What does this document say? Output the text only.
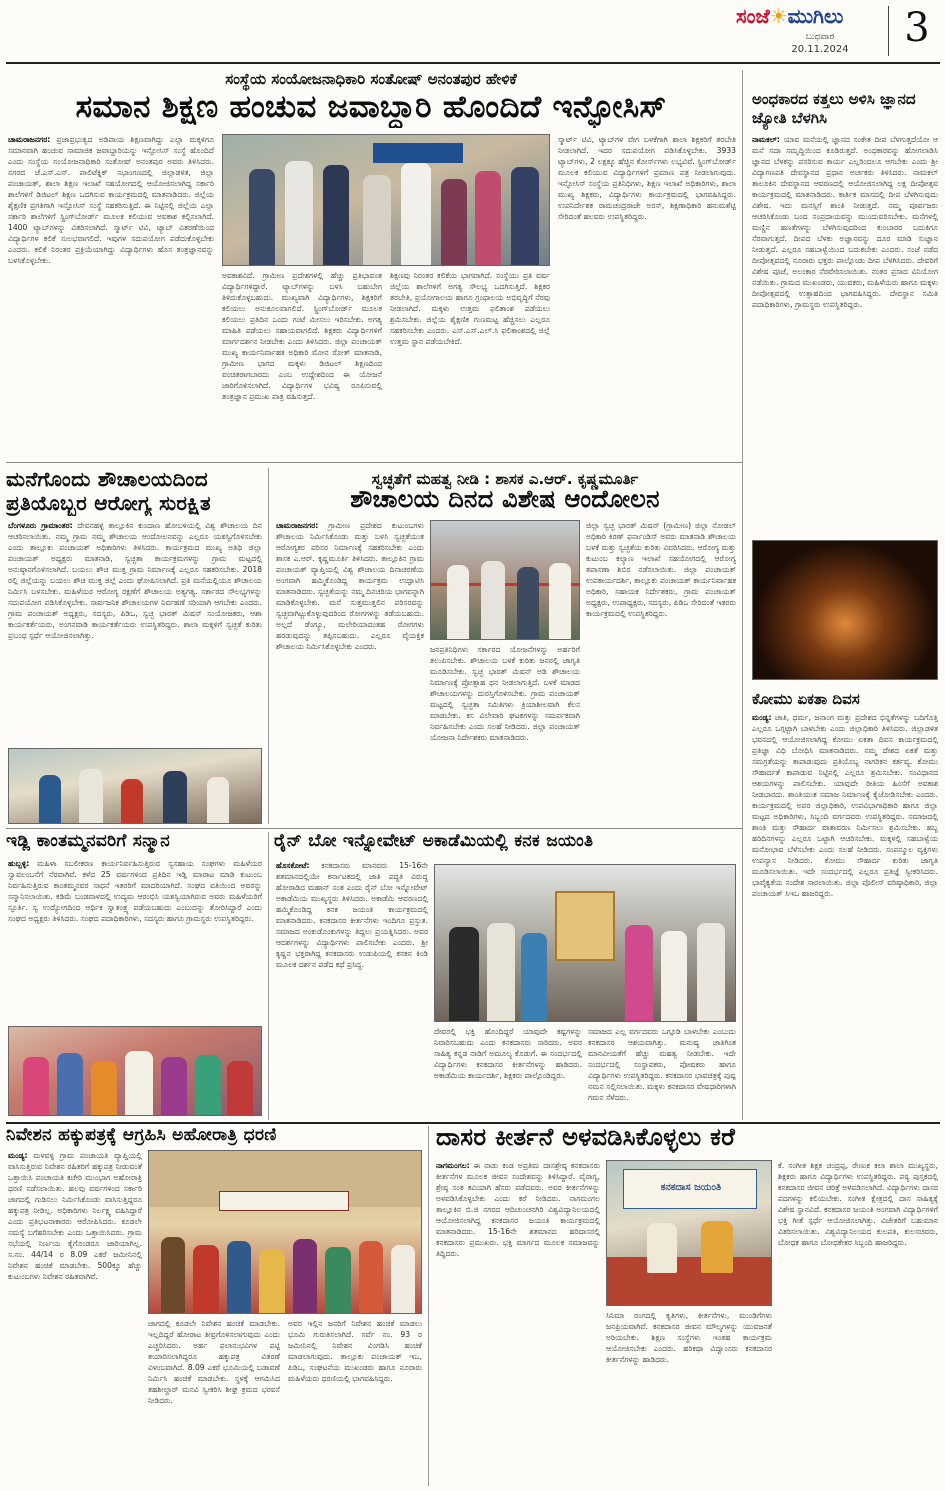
ಸಂಜೆ☀ಮುಗಿಲು
ಬುಧವಾರ
20.11.2024	3
ಸಂಸ್ಥೆಯ ಸಂಯೋಜನಾಧಿಕಾರಿ ಸಂತೋಷ್ ಅನಂತಪುರ ಹೇಳಿಕೆ
ಸಮಾನ ಶಿಕ್ಷಣ ಹಂಚುವ ಜವಾಬ್ದಾರಿ ಹೊಂದಿದೆ ಇನ್ಫೋಸಿಸ್
ಚಾಮರಾಜನಗರ: ಪ್ರಜಾಪ್ರಭುತ್ವದ ಅಡಿಪಾಯ ಶಿಕ್ಷಣವಾಗಿದ್ದು ಎಲ್ಲಾ ಮಕ್ಕಳಿಗೂ ಸಮಾನವಾಗಿ ಹಂಚುವ ಸಾಮಾಜಿಕ ಜವಾಬ್ದಾರಿಯನ್ನು ಇನ್ಫೋಸಿಸ್ ಸಂಸ್ಥೆ ಹೊಂದಿದೆ ಎಂದು ಸಂಸ್ಥೆಯ ಸಂಯೋಜನಾಧಿಕಾರಿ ಸಂತೋಷ್ ಅನಂತಪುರ ಅವರು ತಿಳಿಸಿದರು. ನಗರದ ಜೆ.ಎಸ್.ಎಸ್. ಪಾಲಿಟೆಕ್ನಿಕ್ ಸಭಾಂಗಣದಲ್ಲಿ ಜಿಲ್ಲಾಡಳಿತ, ಜಿಲ್ಲಾ ಪಂಚಾಯತ್, ಶಾಲಾ ಶಿಕ್ಷಣ ಇಲಾಖೆ ಸಹಯೋಗದಲ್ಲಿ ಆಯೋಜಿಸಲಾಗಿದ್ದ ಸರ್ಕಾರಿ ಶಾಲೆಗಳಿಗೆ ಡಿಜಿಟಲ್ ಶಿಕ್ಷಣ ಒದಗಿಸುವ ಕಾರ್ಯಕ್ರಮದಲ್ಲಿ ಮಾತನಾಡಿದರು. ಜಿಲ್ಲೆಯ ಶೈಕ್ಷಣಿಕ ಪ್ರಗತಿಗಾಗಿ ಇನ್ಫೋಸಿಸ್ ಸಂಸ್ಥೆ ಸಹಕರಿಸುತ್ತಿದೆ. ಈ ನಿಟ್ಟಿನಲ್ಲಿ ಜಿಲ್ಲೆಯ ಎಲ್ಲಾ ಸರ್ಕಾರಿ ಶಾಲೆಗಳಿಗೆ ಸ್ಪ್ರಿಂಗ್‌ಬೋರ್ಡ್ ಮೂಲಕ ಕಲಿಯುವ ಅವಕಾಶ ಕಲ್ಪಿಸಲಾಗಿದೆ. 1400 ಟ್ಯಾಬ್‌ಗಳನ್ನು ವಿತರಿಸಲಾಗಿದೆ. ಸ್ಮಾರ್ಟ್ ಟಿವಿ, ಟ್ಯಾಬ್ ವಿತರಣೆಯಿಂದ ವಿದ್ಯಾರ್ಥಿಗಳ ಕಲಿಕೆ ಸುಲಭವಾಗಲಿದೆ. ಇವುಗಳ ಸದುಪಯೋಗ ಪಡೆದುಕೊಳ್ಳಬೇಕು ಎಂದರು. ಕಲಿಕೆ ನಿರಂತರ ಪ್ರಕ್ರಿಯೆಯಾಗಿದ್ದು ವಿದ್ಯಾರ್ಥಿಗಳು ಹೊಸ ತಂತ್ರಜ್ಞಾನವನ್ನು ಬಳಸಿಕೊಳ್ಳಬೇಕು.
ಅವಕಾಶವಿದೆ. ಗ್ರಾಮೀಣ ಪ್ರದೇಶಗಳಲ್ಲಿ ಹೆಚ್ಚು ಪ್ರತಿಭಾವಂತ ವಿದ್ಯಾರ್ಥಿಗಳಿದ್ದಾರೆ. ಟ್ಯಾಬ್‌ಗಳನ್ನು ಬಳಸಿ ಬಹುಬೇಗ ತಿಳಿದುಕೊಳ್ಳಬಹುದು. ಮುಖ್ಯವಾಗಿ ವಿದ್ಯಾರ್ಥಿಗಳು, ಶಿಕ್ಷಕರಿಗೆ ಕಲಿಯಲು ಅನುಕೂಲವಾಗಲಿದೆ. ಸ್ಪ್ರಿಂಗ್‌ಬೋರ್ಡ್ ಮೂಲಕ ಕಲಿಯಲು ಪ್ರತಿದಿನ ಒಂದು ಗಂಟೆ ಮೀಸಲು ಇರಿಸಬೇಕು. ಅಗತ್ಯ ಮಾಹಿತಿ ಪಡೆಯಲು ಸಹಾಯವಾಗಲಿದೆ. ಶಿಕ್ಷಕರು ವಿದ್ಯಾರ್ಥಿಗಳಿಗೆ ಮಾರ್ಗದರ್ಶನ ನೀಡಬೇಕು ಎಂದು ತಿಳಿಸಿದರು. ಜಿಲ್ಲಾ ಪಂಚಾಯತ್ ಮುಖ್ಯ ಕಾರ್ಯನಿರ್ವಾಹಕ ಅಧಿಕಾರಿ ಮೋನ ರೋತ್ ಮಾತನಾಡಿ, ಗ್ರಾಮೀಣ ಭಾಗದ ಮಕ್ಕಳು ಡಿಜಿಟಲ್ ಶಿಕ್ಷಣದಿಂದ ವಂಚಿತರಾಗಬಾರದು ಎಂಬ ಉದ್ದೇಶದಿಂದ ಈ ಯೋಜನೆ ಜಾರಿಗೊಳಿಸಲಾಗಿದೆ. ವಿದ್ಯಾರ್ಥಿಗಳ ಭವಿಷ್ಯ ರೂಪಿಸುವಲ್ಲಿ ತಂತ್ರಜ್ಞಾನ ಪ್ರಮುಖ ಪಾತ್ರ ವಹಿಸುತ್ತದೆ.
ಶಿಕ್ಷಣವು ನಿರಂತರ ಕಲಿಕೆಯ ಭಾಗವಾಗಿದೆ. ಸಂಸ್ಥೆಯು ಪ್ರತಿ ವರ್ಷ ಜಿಲ್ಲೆಯ ಶಾಲೆಗಳಿಗೆ ಅಗತ್ಯ ಸೌಲಭ್ಯ ಒದಗಿಸುತ್ತಿದೆ. ಶಿಕ್ಷಕರ ತರಬೇತಿ, ಪ್ರಯೋಗಾಲಯ ಹಾಗೂ ಗ್ರಂಥಾಲಯ ಅಭಿವೃದ್ಧಿಗೆ ನೆರವು ನೀಡಲಾಗಿದೆ. ಮಕ್ಕಳು ಉತ್ತಮ ಫಲಿತಾಂಶ ಪಡೆಯಲು ಶ್ರಮಿಸಬೇಕು. ಜಿಲ್ಲೆಯ ಶೈಕ್ಷಣಿಕ ಗುಣಮಟ್ಟ ಹೆಚ್ಚಿಸಲು ಎಲ್ಲರೂ ಸಹಕರಿಸಬೇಕು ಎಂದರು. ಎಸ್.ಎಸ್.ಎಲ್.ಸಿ ಫಲಿತಾಂಶದಲ್ಲಿ ಜಿಲ್ಲೆ ಉತ್ತಮ ಸ್ಥಾನ ಪಡೆಯಬೇಕಿದೆ.
ಸ್ಮಾರ್ಟ್ ಟಿವಿ, ಟ್ಯಾಬ್‌ಗಳ ವೇಗ ಬಳಕೆಗಾಗಿ ಶಾಲಾ ಶಿಕ್ಷಕರಿಗೆ ತರಬೇತಿ ನೀಡಲಾಗಿದೆ. ಇದರ ಸದುಪಯೋಗ ಪಡಿಸಿಕೊಳ್ಳಬೇಕು. 3933 ಟ್ಯಾಬ್‌ಗಳು, 2 ಲಕ್ಷಕ್ಕೂ ಹೆಚ್ಚಿನ ಕೋರ್ಸ್‌ಗಳು ಲಭ್ಯವಿವೆ. ಸ್ಪ್ರಿಂಗ್‌ಬೋರ್ಡ್ ಮೂಲಕ ಕಲಿಯುವ ವಿದ್ಯಾರ್ಥಿಗಳಿಗೆ ಪ್ರಮಾಣ ಪತ್ರ ನೀಡಲಾಗುವುದು. ಇನ್ಫೋಸಿಸ್ ಸಂಸ್ಥೆಯ ಪ್ರತಿನಿಧಿಗಳು, ಶಿಕ್ಷಣ ಇಲಾಖೆ ಅಧಿಕಾರಿಗಳು, ಶಾಲಾ ಮುಖ್ಯ ಶಿಕ್ಷಕರು, ವಿದ್ಯಾರ್ಥಿಗಳು ಕಾರ್ಯಕ್ರಮದಲ್ಲಿ ಭಾಗವಹಿಸಿದ್ದರು. ಉಪನಿರ್ದೇಶಕ ರಾಮಚಂದ್ರರಾಜೇ ಅರಸ್, ಶಿಕ್ಷಣಾಧಿಕಾರಿ ಹನುಮಶೆಟ್ಟಿ ಸೇರಿದಂತೆ ಹಲವರು ಉಪಸ್ಥಿತರಿದ್ದರು.
ಅಂಧಕಾರದ ಕತ್ತಲು ಅಳಿಸಿ ಜ್ಞಾನದ ಜ್ಯೋತಿ ಬೆಳಗಿಸಿ
ನಾಮಕಲ್: ಯಾವ ಮನೆಯಲ್ಲಿ ಜ್ಞಾನದ ಸಂಕೇತ ದೀಪ ಬೆಳಗುತ್ತದೆಯೋ ಆ ಮನೆ ಸದಾ ಸಮೃದ್ಧಿಯಿಂದ ಕೂಡಿರುತ್ತದೆ. ಅಂಧಕಾರವನ್ನು ಹೋಗಲಾಡಿಸಿ ಜ್ಞಾನದ ಬೆಳಕನ್ನು ಪಸರಿಸುವ ಕಾರ್ಯ ಎಲ್ಲರಿಂದಲೂ ಆಗಬೇಕು ಎಂದು ಶ್ರೀ ವಿದ್ಯಾಗಣಪತಿ ದೇವಸ್ಥಾನದ ಪ್ರಧಾನ ಅರ್ಚಕರು ತಿಳಿಸಿದರು. ನಾಮಕಲ್ ತಾಲೂಕಿನ ದೇವಸ್ಥಾನದ ಆವರಣದಲ್ಲಿ ಆಯೋಜಿಸಲಾಗಿದ್ದ ಲಕ್ಷ ದೀಪೋತ್ಸವ ಕಾರ್ಯಕ್ರಮದಲ್ಲಿ ಮಾತನಾಡಿದರು. ಕಾರ್ತಿಕ ಮಾಸದಲ್ಲಿ ದೀಪ ಬೆಳಗಿಸುವುದು ವಿಶೇಷ. ಇದು ಮನಸ್ಸಿಗೆ ಶಾಂತಿ ನೀಡುತ್ತದೆ. ನಮ್ಮ ಪೂರ್ವಜರು ಆಚರಿಸಿಕೊಂಡು ಬಂದ ಸಂಪ್ರದಾಯವನ್ನು ಮುಂದುವರಿಸಬೇಕು. ಮನೆಗಳಲ್ಲಿ ಮಣ್ಣಿನ ಹಣತೆಗಳನ್ನು ಬೆಳಗಿಸುವುದರಿಂದ ಕುಂಬಾರರ ಬದುಕಿಗೂ ನೆರವಾಗುತ್ತದೆ. ದೀಪದ ಬೆಳಕು ಅಜ್ಞಾನವನ್ನು ದೂರ ಮಾಡಿ ಸುಜ್ಞಾನ ನೀಡುತ್ತದೆ. ಎಲ್ಲರೂ ಸಹಬಾಳ್ವೆಯಿಂದ ಬದುಕಬೇಕು ಎಂದರು. ಸಂಜೆ ನಡೆದ ದೀಪೋತ್ಸವದಲ್ಲಿ ನೂರಾರು ಭಕ್ತರು ಪಾಲ್ಗೊಂಡು ದೀಪ ಬೆಳಗಿಸಿದರು. ದೇವರಿಗೆ ವಿಶೇಷ ಪೂಜೆ, ಅಲಂಕಾರ ನೆರವೇರಿಸಲಾಯಿತು. ನಂತರ ಪ್ರಸಾದ ವಿನಿಯೋಗ ನಡೆಯಿತು. ಗ್ರಾಮದ ಮುಖಂಡರು, ಯುವಕರು, ಮಹಿಳೆಯರು ಹಾಗೂ ಮಕ್ಕಳು ದೀಪೋತ್ಸವದಲ್ಲಿ ಉತ್ಸಾಹದಿಂದ ಭಾಗವಹಿಸಿದ್ದರು. ದೇವಸ್ಥಾನ ಸಮಿತಿ ಪದಾಧಿಕಾರಿಗಳು, ಗ್ರಾಮಸ್ಥರು ಉಪಸ್ಥಿತರಿದ್ದರು.
ಕೋಮು ಏಕತಾ ದಿವಸ
ಮಂಡ್ಯ: ಜಾತಿ, ಧರ್ಮ, ಜನಾಂಗ ಮತ್ತು ಪ್ರದೇಶದ ಭಿನ್ನತೆಗಳನ್ನು ಬದಿಗೊತ್ತಿ ಎಲ್ಲರೂ ಒಗ್ಗಟ್ಟಾಗಿ ಬಾಳಬೇಕು ಎಂದು ಜಿಲ್ಲಾಧಿಕಾರಿ ತಿಳಿಸಿದರು. ಜಿಲ್ಲಾಡಳಿತ ಭವನದಲ್ಲಿ ಆಯೋಜಿಸಲಾಗಿದ್ದ ಕೋಮು ಏಕತಾ ದಿವಸ ಕಾರ್ಯಕ್ರಮದಲ್ಲಿ ಪ್ರತಿಜ್ಞಾ ವಿಧಿ ಬೋಧಿಸಿ ಮಾತನಾಡಿದರು. ನಮ್ಮ ದೇಶದ ಏಕತೆ ಮತ್ತು ಸಮಗ್ರತೆಯನ್ನು ಕಾಪಾಡುವುದು ಪ್ರತಿಯೊಬ್ಬ ನಾಗರಿಕನ ಕರ್ತವ್ಯ. ಕೋಮು ಸೌಹಾರ್ದತೆ ಕಾಪಾಡುವ ನಿಟ್ಟಿನಲ್ಲಿ ಎಲ್ಲರೂ ಶ್ರಮಿಸಬೇಕು. ಸಂವಿಧಾನದ ಆಶಯಗಳನ್ನು ಪಾಲಿಸಬೇಕು. ಯಾವುದೇ ರೀತಿಯ ಹಿಂಸೆಗೆ ಅವಕಾಶ ನೀಡಬಾರದು. ಶಾಂತಿಯುತ ಸಮಾಜ ನಿರ್ಮಾಣಕ್ಕೆ ಕೈಜೋಡಿಸಬೇಕು ಎಂದರು. ಕಾರ್ಯಕ್ರಮದಲ್ಲಿ ಅಪರ ಜಿಲ್ಲಾಧಿಕಾರಿ, ಉಪವಿಭಾಗಾಧಿಕಾರಿ ಹಾಗೂ ಜಿಲ್ಲಾ ಮಟ್ಟದ ಅಧಿಕಾರಿಗಳು, ಸಿಬ್ಬಂದಿ ವರ್ಗದವರು ಉಪಸ್ಥಿತರಿದ್ದರು. ಸಮಾಜದಲ್ಲಿ ಶಾಂತಿ ಮತ್ತು ಸೌಹಾರ್ದ ವಾತಾವರಣ ನಿರ್ಮಿಸಲು ಶ್ರಮಿಸಬೇಕು. ಹಬ್ಬ ಹರಿದಿನಗಳನ್ನು ಎಲ್ಲರೂ ಒಟ್ಟಾಗಿ ಆಚರಿಸಬೇಕು. ಮಕ್ಕಳಲ್ಲಿ ಸಹಬಾಳ್ವೆಯ ಮನೋಭಾವ ಬೆಳೆಸಬೇಕು ಎಂದು ಸಲಹೆ ನೀಡಿದರು. ಸಂಪನ್ಮೂಲ ವ್ಯಕ್ತಿಗಳು ಉಪನ್ಯಾಸ ನೀಡಿದರು. ಕೋಮು ಸೌಹಾರ್ದ ಕುರಿತು ಜಾಗೃತಿ ಮೂಡಿಸಲಾಯಿತು. ಇದೇ ಸಂದರ್ಭದಲ್ಲಿ ಎಲ್ಲರೂ ಪ್ರತಿಜ್ಞೆ ಸ್ವೀಕರಿಸಿದರು. ಭಾವೈಕ್ಯತೆಯ ಸಂದೇಶ ಸಾರಲಾಯಿತು. ಜಿಲ್ಲಾ ಪೊಲೀಸ್ ವರಿಷ್ಠಾಧಿಕಾರಿ, ಜಿಲ್ಲಾ ಪಂಚಾಯತ್ ಸಿಇಒ ಹಾಜರಿದ್ದರು.
ಮನೆಗೊಂದು ಶೌಚಾಲಯದಿಂದ
ಪ್ರತಿಯೊಬ್ಬರ ಆರೋಗ್ಯ ಸುರಕ್ಷಿತ
ಬೆಂಗಳೂರು ಗ್ರಾಮಾಂತರ: ದೇವನಹಳ್ಳಿ ತಾಲ್ಲೂಕಿನ ಕುಂದಾಣ ಹೋಬಳಿಯಲ್ಲಿ ವಿಶ್ವ ಶೌಚಾಲಯ ದಿನ ಆಚರಿಸಲಾಯಿತು. ನಮ್ಮ ಗ್ರಾಮ ನಮ್ಮ ಶೌಚಾಲಯ ಆಂದೋಲನವನ್ನು ಎಲ್ಲರೂ ಯಶಸ್ವಿಗೊಳಿಸಬೇಕು ಎಂದು ತಾಲ್ಲೂಕು ಪಂಚಾಯತ್ ಅಧಿಕಾರಿಗಳು ತಿಳಿಸಿದರು. ಕಾರ್ಯಕ್ರಮದ ಮುಖ್ಯ ಅತಿಥಿ ಜಿಲ್ಲಾ ಪಂಚಾಯತ್ ಅಧ್ಯಕ್ಷರು ಮಾತನಾಡಿ, ಸ್ವಚ್ಛತಾ ಕಾರ್ಯಕ್ರಮಗಳನ್ನು ಗ್ರಾಮ ಮಟ್ಟದಲ್ಲಿ ಅನುಷ್ಠಾನಗೊಳಿಸಲಾಗಿದೆ. ಬಯಲು ಶೌಚ ಮುಕ್ತ ಗ್ರಾಮ ನಿರ್ಮಾಣಕ್ಕೆ ಎಲ್ಲರೂ ಸಹಕರಿಸಬೇಕು. 2018 ರಲ್ಲಿ ಜಿಲ್ಲೆಯನ್ನು ಬಯಲು ಶೌಚ ಮುಕ್ತ ಜಿಲ್ಲೆ ಎಂದು ಘೋಷಿಸಲಾಗಿದೆ. ಪ್ರತಿ ಮನೆಯಲ್ಲಿಯೂ ಶೌಚಾಲಯ ನಿರ್ಮಿಸಿ ಬಳಸಬೇಕು. ಮಹಿಳೆಯರ ಆರೋಗ್ಯ ರಕ್ಷಣೆಗೆ ಶೌಚಾಲಯ ಅತ್ಯಗತ್ಯ. ಸರ್ಕಾರದ ಸೌಲಭ್ಯಗಳನ್ನು ಸದುಪಯೋಗ ಪಡಿಸಿಕೊಳ್ಳಬೇಕು. ಸಾರ್ವಜನಿಕ ಶೌಚಾಲಯಗಳ ನಿರ್ವಹಣೆ ಸರಿಯಾಗಿ ಆಗಬೇಕು ಎಂದರು. ಗ್ರಾಮ ಪಂಚಾಯತ್ ಅಧ್ಯಕ್ಷರು, ಸದಸ್ಯರು, ಪಿಡಿಒ, ಸ್ವಚ್ಛ ಭಾರತ್ ಮಿಷನ್ ಸಂಯೋಜಕರು, ಆಶಾ ಕಾರ್ಯಕರ್ತೆಯರು, ಅಂಗನವಾಡಿ ಕಾರ್ಯಕರ್ತೆಯರು ಉಪಸ್ಥಿತರಿದ್ದರು. ಶಾಲಾ ಮಕ್ಕಳಿಗೆ ಸ್ವಚ್ಛತೆ ಕುರಿತು ಪ್ರಬಂಧ ಸ್ಪರ್ಧೆ ಆಯೋಜಿಸಲಾಗಿತ್ತು.
ಸ್ವಚ್ಛತೆಗೆ ಮಹತ್ವ ನೀಡಿ : ಶಾಸಕ ಎ.ಆರ್. ಕೃಷ್ಣಮೂರ್ತಿ
ಶೌಚಾಲಯ ದಿನದ ವಿಶೇಷ ಆಂದೋಲನ
ಚಾಮರಾಜನಗರ: ಗ್ರಾಮೀಣ ಪ್ರದೇಶದ ಕುಟುಂಬಗಳು ಶೌಚಾಲಯ ನಿರ್ಮಿಸಿಕೊಂಡು ಮತ್ತು ಬಳಸಿ ಸ್ವಚ್ಛತೆಯುತ ಆರೋಗ್ಯಕರ ಪರಿಸರ ನಿರ್ಮಾಣಕ್ಕೆ ಸಹಕರಿಸಬೇಕು ಎಂದು ಶಾಸಕ ಎ.ಆರ್. ಕೃಷ್ಣಮೂರ್ತಿ ತಿಳಿಸಿದರು. ತಾಲ್ಲೂಕಿನ ಗ್ರಾಮ ಪಂಚಾಯತ್ ವ್ಯಾಪ್ತಿಯಲ್ಲಿ ವಿಶ್ವ ಶೌಚಾಲಯ ದಿನಾಚರಣೆಯ ಅಂಗವಾಗಿ ಹಮ್ಮಿಕೊಂಡಿದ್ದ ಕಾರ್ಯಕ್ರಮ ಉದ್ಘಾಟಿಸಿ ಮಾತನಾಡಿದರು. ಸ್ವಚ್ಛತೆಯನ್ನು ನಮ್ಮ ದಿನಚರಿಯ ಭಾಗವನ್ನಾಗಿ ಮಾಡಿಕೊಳ್ಳಬೇಕು. ಮನೆ ಸುತ್ತಮುತ್ತಲಿನ ಪರಿಸರವನ್ನು ಸ್ವಚ್ಛವಾಗಿಟ್ಟುಕೊಳ್ಳುವುದರಿಂದ ರೋಗಗಳನ್ನು ತಡೆಯಬಹುದು. ಅಲ್ಲದೆ ಡೆಂಗ್ಯೂ, ಮಲೇರಿಯಾದಂತಹ ರೋಗಗಳು ಹರಡುವುದನ್ನು ತಪ್ಪಿಸಬಹುದು. ಎಲ್ಲರೂ ವೈಯಕ್ತಿಕ ಶೌಚಾಲಯ ನಿರ್ಮಿಸಿಕೊಳ್ಳಬೇಕು ಎಂದರು.	ಜನಪ್ರತಿನಿಧಿಗಳು ಸರ್ಕಾರದ ಯೋಜನೆಗಳನ್ನು ಅರ್ಹರಿಗೆ ತಲುಪಿಸಬೇಕು. ಶೌಚಾಲಯ ಬಳಕೆ ಕುರಿತು ಜನರಲ್ಲಿ ಜಾಗೃತಿ ಮೂಡಿಸಬೇಕು. ಸ್ವಚ್ಛ ಭಾರತ್ ಮಿಷನ್ ಅಡಿ ಶೌಚಾಲಯ ನಿರ್ಮಾಣಕ್ಕೆ ಪ್ರೋತ್ಸಾಹ ಧನ ನೀಡಲಾಗುತ್ತಿದೆ. ಬಳಕೆ ಮಾಡದ ಶೌಚಾಲಯಗಳನ್ನು ದುರಸ್ತಿಗೊಳಿಸಬೇಕು. ಗ್ರಾಮ ಪಂಚಾಯತ್ ಮಟ್ಟದಲ್ಲಿ ಸ್ವಚ್ಛತಾ ಸಮಿತಿಗಳು ಕ್ರಿಯಾಶೀಲವಾಗಿ ಕೆಲಸ ಮಾಡಬೇಕು. ಕಸ ವಿಲೇವಾರಿ ಘಟಕಗಳನ್ನು ಸಮರ್ಪಕವಾಗಿ ನಿರ್ವಹಿಸಬೇಕು ಎಂದು ಸಲಹೆ ನೀಡಿದರು. ಜಿಲ್ಲಾ ಪಂಚಾಯತ್ ಯೋಜನಾ ನಿರ್ದೇಶಕರು ಮಾತನಾಡಿದರು.
ಜಿಲ್ಲಾ ಸ್ವಚ್ಛ ಭಾರತ್ ಮಿಷನ್ (ಗ್ರಾಮೀಣ) ಜಿಲ್ಲಾ ನೋಡಲ್ ಅಧಿಕಾರಿ ಕಿರಣ್ ಫರ್ನಾಂಡಿಸ್ ಅವರು ಮಾತನಾಡಿ ಶೌಚಾಲಯ ಬಳಕೆ ಮತ್ತು ಸ್ವಚ್ಛತೆಯ ಕುರಿತು ವಿವರಿಸಿದರು. ಆರೋಗ್ಯ ಮತ್ತು ಕುಟುಂಬ ಕಲ್ಯಾಣ ಇಲಾಖೆ ಸಹಯೋಗದಲ್ಲಿ ಆರೋಗ್ಯ ತಪಾಸಣಾ ಶಿಬಿರ ನಡೆಸಲಾಯಿತು. ಜಿಲ್ಲಾ ಪಂಚಾಯತ್ ಉಪಕಾರ್ಯದರ್ಶಿ, ತಾಲ್ಲೂಕು ಪಂಚಾಯತ್ ಕಾರ್ಯನಿರ್ವಾಹಕ ಅಧಿಕಾರಿ, ಸಹಾಯಕ ನಿರ್ದೇಶಕರು, ಗ್ರಾಮ ಪಂಚಾಯತ್ ಅಧ್ಯಕ್ಷರು, ಉಪಾಧ್ಯಕ್ಷರು, ಸದಸ್ಯರು, ಪಿಡಿಒ ಸೇರಿದಂತೆ ಇತರರು ಕಾರ್ಯಕ್ರಮದಲ್ಲಿ ಉಪಸ್ಥಿತರಿದ್ದರು.
ಇಡ್ಲಿ ಕಾಂತಮ್ಮನವರಿಗೆ ಸನ್ಮಾನ
ಹುಬ್ಬಳ್ಳಿ: ಮಹಿಳಾ ಸಬಲೀಕರಣ ಕಾರ್ಯನಿರ್ವಹಿಸುತ್ತಿರುವ ಸ್ವಸಹಾಯ ಸಂಘಗಳು ಮಹಿಳೆಯರ ಸ್ವಾವಲಂಬನೆಗೆ ನೆರವಾಗಿವೆ. ಕಳೆದ 25 ವರ್ಷಗಳಿಂದ ಪ್ರತಿದಿನ ಇಡ್ಲಿ ಮಾರಾಟ ಮಾಡಿ ಕುಟುಂಬ ನಿರ್ವಹಿಸುತ್ತಿರುವ ಕಾಂತಮ್ಮನವರ ಸಾಧನೆ ಇತರರಿಗೆ ಮಾದರಿಯಾಗಿದೆ. ಸಂಘದ ವತಿಯಿಂದ ಅವರನ್ನು ಸನ್ಮಾನಿಸಲಾಯಿತು. ಕಡಿಮೆ ಬಂಡವಾಳದಲ್ಲಿ ಉದ್ಯಮ ಆರಂಭಿಸಿ ಯಶಸ್ವಿಯಾಗಿರುವ ಅವರು ಮಹಿಳೆಯರಿಗೆ ಸ್ಫೂರ್ತಿ. ಸ್ವ ಉದ್ಯೋಗದಿಂದ ಆರ್ಥಿಕ ಸ್ವಾತಂತ್ರ್ಯ ಪಡೆಯಬಹುದು ಎಂಬುದನ್ನು ತೋರಿಸಿದ್ದಾರೆ ಎಂದು ಸಂಘದ ಅಧ್ಯಕ್ಷರು ತಿಳಿಸಿದರು. ಸಂಘದ ಪದಾಧಿಕಾರಿಗಳು, ಸದಸ್ಯರು ಹಾಗೂ ಗ್ರಾಮಸ್ಥರು ಉಪಸ್ಥಿತರಿದ್ದರು.
ರೈನ್ ಬೋ ಇನ್ನೋವೇಟ್ ಅಕಾಡೆಮಿಯಲ್ಲಿ ಕನಕ ಜಯಂತಿ
ಹೊಸಕೋಟೆ: ಕನಕದಾಸರು ಮಾನವರು 15-16ನೇ ಶತಮಾನದಲ್ಲಿಯೇ ಕರ್ನಾಟಕದಲ್ಲಿ ಜಾತಿ ಪದ್ಧತಿ ವಿರುದ್ಧ ಹೋರಾಡಿದ ಮಹಾನ್ ಸಂತ ಎಂದು ರೈನ್ ಬೋ ಇನ್ನೋವೇಟ್ ಅಕಾಡೆಮಿಯ ಮುಖ್ಯಸ್ಥರು ತಿಳಿಸಿದರು. ಅಕಾಡೆಮಿ ಆವರಣದಲ್ಲಿ ಹಮ್ಮಿಕೊಂಡಿದ್ದ ಕನಕ ಜಯಂತಿ ಕಾರ್ಯಕ್ರಮದಲ್ಲಿ ಮಾತನಾಡಿದರು. ಕನಕದಾಸರ ಕೀರ್ತನೆಗಳು ಇಂದಿಗೂ ಪ್ರಸ್ತುತ. ಸಮಾಜದ ಅಂಕುಡೊಂಕುಗಳನ್ನು ತಿದ್ದಲು ಪ್ರಯತ್ನಿಸಿದರು. ಅವರ ಆದರ್ಶಗಳನ್ನು ವಿದ್ಯಾರ್ಥಿಗಳು ಪಾಲಿಸಬೇಕು ಎಂದರು. ಶ್ರೀ ಕೃಷ್ಣನ ಭಕ್ತರಾಗಿದ್ದ ಕನಕದಾಸರು ಉಡುಪಿಯಲ್ಲಿ ಕನಕನ ಕಿಂಡಿ ಮೂಲಕ ದರ್ಶನ ಪಡೆದ ಕಥೆ ಪ್ರಸಿದ್ಧ.
ದೇವರಲ್ಲಿ ಭಕ್ತಿ ಹೊಂದಿದ್ದರೆ ಯಾವುದೇ ಕಷ್ಟಗಳನ್ನು ನಿವಾರಿಸಬಹುದು ಎಂದು ಕನಕದಾಸರು ಸಾರಿದರು. ಅವರ ಸಾಹಿತ್ಯ ಕನ್ನಡ ನಾಡಿಗೆ ಅಮೂಲ್ಯ ಕೊಡುಗೆ. ಈ ಸಂದರ್ಭದಲ್ಲಿ ವಿದ್ಯಾರ್ಥಿಗಳು ಕನಕದಾಸರ ಕೀರ್ತನೆಗಳನ್ನು ಹಾಡಿದರು. ಅಕಾಡೆಮಿಯ ಕಾರ್ಯದರ್ಶಿ, ಶಿಕ್ಷಕರು ಪಾಲ್ಗೊಂಡಿದ್ದರು.
ಸಮಾಜದ ಎಲ್ಲ ವರ್ಗದವರು ಒಗ್ಗೂಡಿ ಬಾಳಬೇಕು ಎಂಬುದು ಕನಕದಾಸರ ಆಶಯವಾಗಿತ್ತು. ಮನುಷ್ಯ ಜಾತಿಗಿಂತ ಮಾನವೀಯತೆಗೆ ಹೆಚ್ಚು ಮಹತ್ವ ನೀಡಬೇಕು. ಇದೇ ಸಂದರ್ಭದಲ್ಲಿ ಸಂಸ್ಥಾಪಕರು, ಪೋಷಕರು ಹಾಗೂ ವಿದ್ಯಾರ್ಥಿಗಳು ಉಪಸ್ಥಿತರಿದ್ದರು. ಕನಕದಾಸರ ಭಾವಚಿತ್ರಕ್ಕೆ ಪುಷ್ಪ ನಮನ ಸಲ್ಲಿಸಲಾಯಿತು. ಮಕ್ಕಳು ಕನಕದಾಸರ ವೇಷಧಾರಿಗಳಾಗಿ ಗಮನ ಸೆಳೆದರು.
ನಿವೇಶನ ಹಕ್ಕುಪತ್ರಕ್ಕೆ ಆಗ್ರಹಿಸಿ ಅಹೋರಾತ್ರಿ ಧರಣಿ
ಮಂಡ್ಯ: ಮಳವಳ್ಳಿ ಗ್ರಾಮ ಪಂಚಾಯತಿ ವ್ಯಾಪ್ತಿಯಲ್ಲಿ ವಾಸಿಸುತ್ತಿರುವ ನಿವೇಶನ ರಹಿತರಿಗೆ ಹಕ್ಕುಪತ್ರ ನೀಡುವಂತೆ ಒತ್ತಾಯಿಸಿ ಪಂಚಾಯತಿ ಕಚೇರಿ ಮುಂಭಾಗ ಅಹೋರಾತ್ರಿ ಧರಣಿ ನಡೆಸಲಾಯಿತು. ಹಲವು ವರ್ಷಗಳಿಂದ ಸರ್ಕಾರಿ ಜಾಗದಲ್ಲಿ ಗುಡಿಸಲು ನಿರ್ಮಿಸಿಕೊಂಡು ವಾಸಿಸುತ್ತಿದ್ದರೂ ಹಕ್ಕುಪತ್ರ ನೀಡಿಲ್ಲ. ಅಧಿಕಾರಿಗಳು ನಿರ್ಲಕ್ಷ್ಯ ವಹಿಸಿದ್ದಾರೆ ಎಂದು ಪ್ರತಿಭಟನಾಕಾರರು ಆರೋಪಿಸಿದರು. ಕೂಡಲೇ ಸಮಸ್ಯೆ ಬಗೆಹರಿಸಬೇಕು ಎಂದು ಒತ್ತಾಯಿಸಿದರು. ಗ್ರಾಮ ಸಭೆಯಲ್ಲಿ ನಿರ್ಣಯ ಕೈಗೊಂಡರೂ ಜಾರಿಯಾಗಿಲ್ಲ. ಸ.ನಂ. 44/14 ರ 8.09 ಎಕರೆ ಜಮೀನಿನಲ್ಲಿ ನಿವೇಶನ ಹಂಚಿಕೆ ಮಾಡಬೇಕು. 500ಕ್ಕೂ ಹೆಚ್ಚು ಕುಟುಂಬಗಳು ನಿವೇಶನ ರಹಿತವಾಗಿವೆ.
ಜಾಗದಲ್ಲಿ ಕೂಡಲೇ ನಿವೇಶನ ಹಂಚಿಕೆ ಮಾಡಬೇಕು. ಇಲ್ಲದಿದ್ದರೆ ಹೋರಾಟ ತೀವ್ರಗೊಳಿಸಲಾಗುವುದು ಎಂದು ಎಚ್ಚರಿಸಿದರು. ಅರ್ಹ ಫಲಾನುಭವಿಗಳ ಪಟ್ಟಿ ತಯಾರಿಸಲಾಗಿದ್ದರೂ ಹಕ್ಕುಪತ್ರ ವಿತರಣೆ ವಿಳಂಬವಾಗಿದೆ. 8.09 ಎಕರೆ ಭೂಮಿಯಲ್ಲಿ ಬಡಾವಣೆ ನಿರ್ಮಿಸಿ ಹಂಚಿಕೆ ಮಾಡಬೇಕು. ಸ್ಥಳಕ್ಕೆ ಆಗಮಿಸಿದ ತಹಶೀಲ್ದಾರ್ ಮನವಿ ಸ್ವೀಕರಿಸಿ ಶೀಘ್ರ ಕ್ರಮದ ಭರವಸೆ ನೀಡಿದರು.
ಅವರ ಇಲ್ಲಿನ ಜನರಿಗೆ ನಿವೇಶನ ಹಂಚಿಕೆ ಮಾಡಲು ಭೂಮಿ ಗುರುತಿಸಲಾಗಿದೆ. ಸರ್ವೆ ನಂ. 93 ರ ಜಮೀನಿನಲ್ಲಿ ನಿವೇಶನ ವಿಂಗಡಿಸಿ ಹಂಚಿಕೆ ಮಾಡಲಾಗುವುದು. ತಾಲ್ಲೂಕು ಪಂಚಾಯತ್ ಇಒ, ಪಿಡಿಒ, ಸಂಘಟನೆಯ ಮುಖಂಡರು ಹಾಗೂ ನೂರಾರು ಮಹಿಳೆಯರು ಧರಣಿಯಲ್ಲಿ ಭಾಗವಹಿಸಿದ್ದರು.
ದಾಸರ ಕೀರ್ತನೆ ಅಳವಡಿಸಿಕೊಳ್ಳಲು ಕರೆ
ನಾಗಮಂಗಲ: ಈ ನಾಡು ಕಂಡ ಅಪ್ರತಿಮ ದಾಸಶ್ರೇಷ್ಠ ಕನಕದಾಸರು ಕೀರ್ತನೆಗಳ ಮೂಲಕ ಜೀವನ ಸಂದೇಶವನ್ನು ತಿಳಿಸಿದ್ದಾರೆ. ವೈರಾಗ್ಯ, ಶ್ರೇಷ್ಠ ಸಂತ ಕವಿಯಾಗಿ ಹೆಸರು ಪಡೆದವರು. ಅವರ ಕೀರ್ತನೆಗಳನ್ನು ಅಳವಡಿಸಿಕೊಳ್ಳಬೇಕು ಎಂದು ಕರೆ ನೀಡಿದರು. ನಾಗಮಂಗಲ ತಾಲ್ಲೂಕಿನ ಬಿ.ಜಿ ನಗರದ ಆದಿಚುಂಚನಗಿರಿ ವಿಶ್ವವಿದ್ಯಾನಿಲಯದಲ್ಲಿ ಆಯೋಜಿಸಲಾಗಿದ್ದ ಕನಕದಾಸರ ಜಯಂತಿ ಕಾರ್ಯಕ್ರಮದಲ್ಲಿ ಮಾತನಾಡಿದರು. 15-16ನೇ ಶತಮಾನದ ಹರಿದಾಸರಲ್ಲಿ ಕನಕದಾಸರು ಪ್ರಮುಖರು. ಭಕ್ತಿ ಮಾರ್ಗದ ಮೂಲಕ ಸಮಾಜವನ್ನು ತಿದ್ದಿದರು.
ಕನಕದಾಸ ಜಯಂತಿ
ಸಿನಿಮಾ ರಂಗದಲ್ಲಿ ಕೃತಿಗಳು, ಕೀರ್ತನೆಗಳು, ಮುಂಡಿಗೆಗಳು ಜನಪ್ರಿಯವಾಗಿವೆ. ಕನಕದಾಸರ ಜೀವನ ಮೌಲ್ಯಗಳನ್ನು ಯುವಜನತೆ ಅರಿಯಬೇಕು. ಶಿಕ್ಷಣ ಸಂಸ್ಥೆಗಳು ಇಂತಹ ಕಾರ್ಯಕ್ರಮ ಆಯೋಜಿಸಬೇಕು ಎಂದರು. ಹರಿಕಥಾ ವಿದ್ವಾಂಸರು ಕನಕದಾಸರ ಕೀರ್ತನೆಗಳನ್ನು ಹಾಡಿದರು.
ಕೆ. ಸಂಗೀತ ಶಿಕ್ಷಕ ಚಂದ್ರಪ್ಪ, ರೇಣುಕ ಕಲಾ ಶಾಲಾ ಮುಖ್ಯಸ್ಥರು, ಶಿಕ್ಷಕರು ಹಾಗೂ ವಿದ್ಯಾರ್ಥಿಗಳು ಉಪಸ್ಥಿತರಿದ್ದರು. ಪಠ್ಯ ಪುಸ್ತಕದಲ್ಲಿ ಕನಕದಾಸರ ಜೀವನ ಚರಿತ್ರೆ ಅಳವಡಿಸಲಾಗಿದೆ. ವಿದ್ಯಾರ್ಥಿಗಳು ದಾಸರ ಪದಗಳನ್ನು ಕಲಿಯಬೇಕು. ಸಂಗೀತ ಕ್ಷೇತ್ರದಲ್ಲಿ ದಾಸ ಸಾಹಿತ್ಯಕ್ಕೆ ವಿಶೇಷ ಸ್ಥಾನವಿದೆ. ಕನಕದಾಸರ ಜಯಂತಿ ಅಂಗವಾಗಿ ವಿದ್ಯಾರ್ಥಿಗಳಿಗೆ ಭಕ್ತಿ ಗೀತೆ ಸ್ಪರ್ಧೆ ಆಯೋಜಿಸಲಾಗಿತ್ತು. ವಿಜೇತರಿಗೆ ಬಹುಮಾನ ವಿತರಿಸಲಾಯಿತು. ವಿಶ್ವವಿದ್ಯಾನಿಲಯದ ಕುಲಪತಿ, ಕುಲಸಚಿವರು, ಬೋಧಕ ಹಾಗೂ ಬೋಧಕೇತರ ಸಿಬ್ಬಂದಿ ಹಾಜರಿದ್ದರು.
